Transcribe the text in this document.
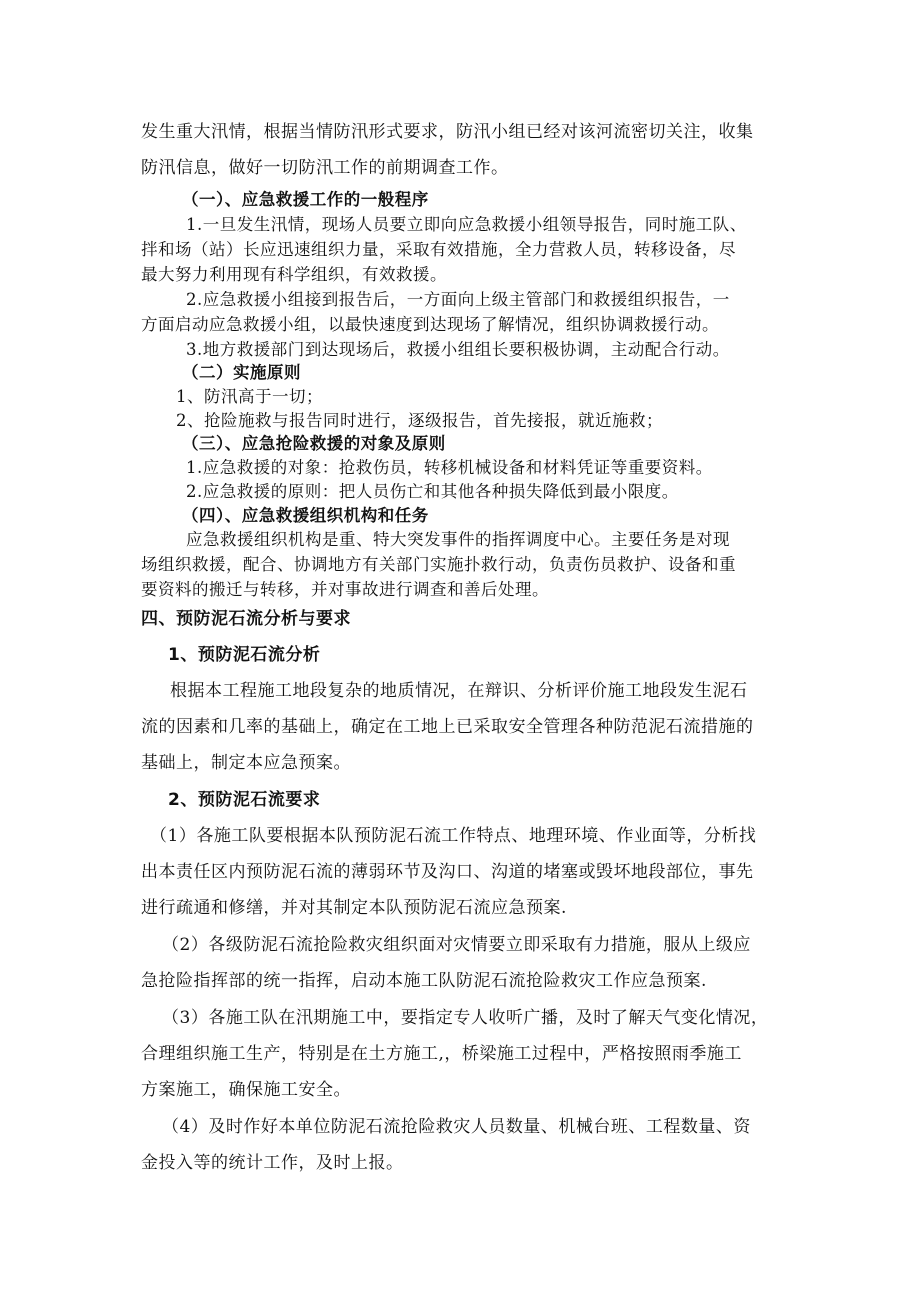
发生重大汛情，根据当情防汛形式要求，防汛小组已经对该河流密切关注，收集
防汛信息，做好一切防汛工作的前期调查工作。
（一）、应急救援工作的一般程序
1.一旦发生汛情，现场人员要立即向应急救援小组领导报告，同时施工队、
拌和场（站）长应迅速组织力量，采取有效措施，全力营救人员，转移设备，尽
最大努力利用现有科学组织，有效救援。
2.应急救援小组接到报告后，一方面向上级主管部门和救援组织报告，一
方面启动应急救援小组，以最快速度到达现场了解情况，组织协调救援行动。
3.地方救援部门到达现场后，救援小组组长要积极协调，主动配合行动。
（二）实施原则
1、防汛高于一切；
2、抢险施救与报告同时进行，逐级报告，首先接报，就近施救；
（三）、应急抢险救援的对象及原则
1.应急救援的对象：抢救伤员，转移机械设备和材料凭证等重要资料。
2.应急救援的原则：把人员伤亡和其他各种损失降低到最小限度。
（四）、应急救援组织机构和任务
应急救援组织机构是重、特大突发事件的指挥调度中心。主要任务是对现
场组织救援，配合、协调地方有关部门实施扑救行动，负责伤员救护、设备和重
要资料的搬迁与转移，并对事故进行调查和善后处理。
四、预防泥石流分析与要求
1、预防泥石流分析
根据本工程施工地段复杂的地质情况，在辩识、分析评价施工地段发生泥石
流的因素和几率的基础上，确定在工地上已采取安全管理各种防范泥石流措施的
基础上，制定本应急预案。
2、预防泥石流要求
（1）各施工队要根据本队预防泥石流工作特点、地理环境、作业面等，分析找
出本责任区内预防泥石流的薄弱环节及沟口、沟道的堵塞或毁坏地段部位，事先
进行疏通和修缮，并对其制定本队预防泥石流应急预案.
（2）各级防泥石流抢险救灾组织面对灾情要立即采取有力措施，服从上级应
急抢险指挥部的统一指挥，启动本施工队防泥石流抢险救灾工作应急预案.
（3）各施工队在汛期施工中，要指定专人收听广播，及时了解天气变化情况，
合理组织施工生产，特别是在土方施工,，桥梁施工过程中，严格按照雨季施工
方案施工，确保施工安全。
（4）及时作好本单位防泥石流抢险救灾人员数量、机械台班、工程数量、资
金投入等的统计工作，及时上报。
